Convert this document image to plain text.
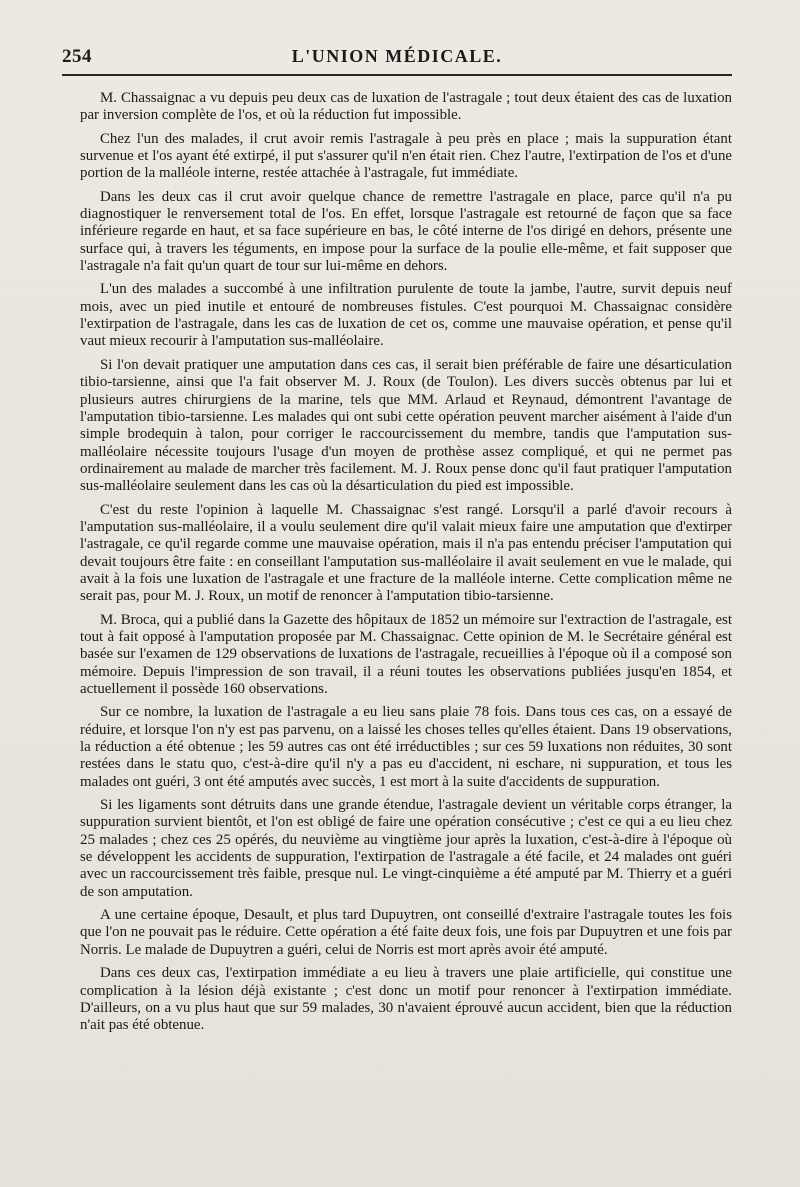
254	L'UNION MÉDICALE.

M. Chassaignac a vu depuis peu deux cas de luxation de l'astragale ; tout deux étaient des cas de luxation par inversion complète de l'os, et où la réduction fut impossible.

Chez l'un des malades, il crut avoir remis l'astragale à peu près en place ; mais la suppuration étant survenue et l'os ayant été extirpé, il put s'assurer qu'il n'en était rien. Chez l'autre, l'extirpation de l'os et d'une portion de la malléole interne, restée attachée à l'astragale, fut immédiate.

Dans les deux cas il crut avoir quelque chance de remettre l'astragale en place, parce qu'il n'a pu diagnostiquer le renversement total de l'os. En effet, lorsque l'astragale est retourné de façon que sa face inférieure regarde en haut, et sa face supérieure en bas, le côté interne de l'os dirigé en dehors, présente une surface qui, à travers les téguments, en impose pour la surface de la poulie elle-même, et fait supposer que l'astragale n'a fait qu'un quart de tour sur lui-même en dehors.

L'un des malades a succombé à une infiltration purulente de toute la jambe, l'autre, survit depuis neuf mois, avec un pied inutile et entouré de nombreuses fistules. C'est pourquoi M. Chassaignac considère l'extirpation de l'astragale, dans les cas de luxation de cet os, comme une mauvaise opération, et pense qu'il vaut mieux recourir à l'amputation sus-malléolaire.

Si l'on devait pratiquer une amputation dans ces cas, il serait bien préférable de faire une désarticulation tibio-tarsienne, ainsi que l'a fait observer M. J. Roux (de Toulon). Les divers succès obtenus par lui et plusieurs autres chirurgiens de la marine, tels que MM. Arlaud et Reynaud, démontrent l'avantage de l'amputation tibio-tarsienne. Les malades qui ont subi cette opération peuvent marcher aisément à l'aide d'un simple brodequin à talon, pour corriger le raccourcissement du membre, tandis que l'amputation sus-malléolaire nécessite toujours l'usage d'un moyen de prothèse assez compliqué, et qui ne permet pas ordinairement au malade de marcher très facilement. M. J. Roux pense donc qu'il faut pratiquer l'amputation sus-malléolaire seulement dans les cas où la désarticulation du pied est impossible.

C'est du reste l'opinion à laquelle M. Chassaignac s'est rangé. Lorsqu'il a parlé d'avoir recours à l'amputation sus-malléolaire, il a voulu seulement dire qu'il valait mieux faire une amputation que d'extirper l'astragale, ce qu'il regarde comme une mauvaise opération, mais il n'a pas entendu préciser l'amputation qui devait toujours être faite : en conseillant l'amputation sus-malléolaire il avait seulement en vue le malade, qui avait à la fois une luxation de l'astragale et une fracture de la malléole interne. Cette complication même ne serait pas, pour M. J. Roux, un motif de renoncer à l'amputation tibio-tarsienne.

M. Broca, qui a publié dans la Gazette des hôpitaux de 1852 un mémoire sur l'extraction de l'astragale, est tout à fait opposé à l'amputation proposée par M. Chassaignac. Cette opinion de M. le Secrétaire général est basée sur l'examen de 129 observations de luxations de l'astragale, recueillies à l'époque où il a composé son mémoire. Depuis l'impression de son travail, il a réuni toutes les observations publiées jusqu'en 1854, et actuellement il possède 160 observations.

Sur ce nombre, la luxation de l'astragale a eu lieu sans plaie 78 fois. Dans tous ces cas, on a essayé de réduire, et lorsque l'on n'y est pas parvenu, on a laissé les choses telles qu'elles étaient. Dans 19 observations, la réduction a été obtenue ; les 59 autres cas ont été irréductibles ; sur ces 59 luxations non réduites, 30 sont restées dans le statu quo, c'est-à-dire qu'il n'y a pas eu d'accident, ni eschare, ni suppuration, et tous les malades ont guéri, 3 ont été amputés avec succès, 1 est mort à la suite d'accidents de suppuration.

Si les ligaments sont détruits dans une grande étendue, l'astragale devient un véritable corps étranger, la suppuration survient bientôt, et l'on est obligé de faire une opération consécutive ; c'est ce qui a eu lieu chez 25 malades ; chez ces 25 opérés, du neuvième au vingtième jour après la luxation, c'est-à-dire à l'époque où se développent les accidents de suppuration, l'extirpation de l'astragale a été facile, et 24 malades ont guéri avec un raccourcissement très faible, presque nul. Le vingt-cinquième a été amputé par M. Thierry et a guéri de son amputation.

A une certaine époque, Desault, et plus tard Dupuytren, ont conseillé d'extraire l'astragale toutes les fois que l'on ne pouvait pas le réduire. Cette opération a été faite deux fois, une fois par Dupuytren et une fois par Norris. Le malade de Dupuytren a guéri, celui de Norris est mort après avoir été amputé.

Dans ces deux cas, l'extirpation immédiate a eu lieu à travers une plaie artificielle, qui constitue une complication à la lésion déjà existante ; c'est donc un motif pour renoncer à l'extirpation immédiate. D'ailleurs, on a vu plus haut que sur 59 malades, 30 n'avaient éprouvé aucun accident, bien que la réduction n'ait pas été obtenue.
